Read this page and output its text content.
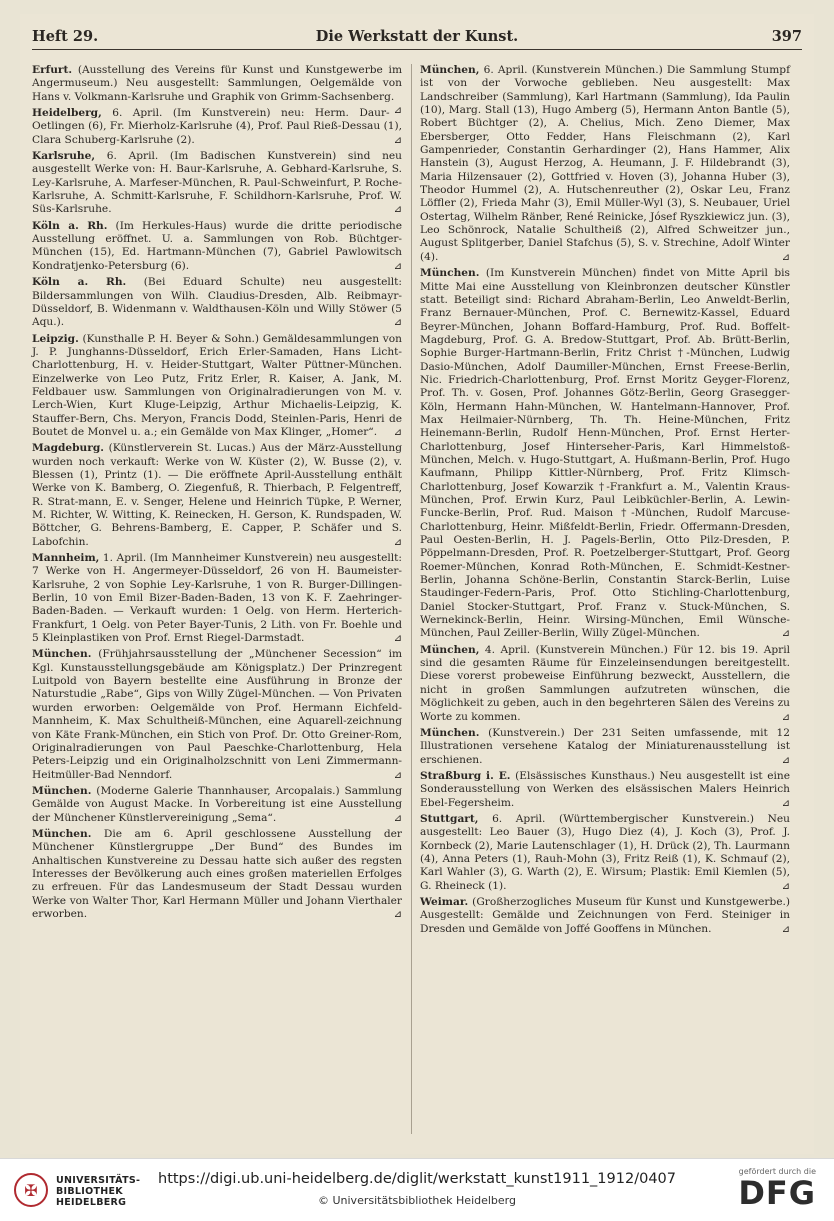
Heft 29.	Die Werkstatt der Kunst.	397

Erfurt. (Ausstellung des Vereins für Kunst und Kunstgewerbe im Angermuseum.) Neu ausgestellt: Sammlungen, Oelgemälde von Hans v. Volkmann-Karlsruhe und Graphik von Grimm-Sachsenberg.
⊿

Heidelberg, 6. April. (Im Kunstverein) neu: Herm. Daur-Oetlingen (6), Fr. Mierholz-Karlsruhe (4), Prof. Paul Rieß-Dessau (1), Clara Schuberg-Karlsruhe (2).	⊿

Karlsruhe, 6. April. (Im Badischen Kunstverein) sind neu ausgestellt Werke von: H. Baur-Karlsruhe, A. Gebhard-Karlsruhe, S. Ley-Karlsruhe, A. Marfeser-München, R. Paul-Schweinfurt, P. Roche-Karlsruhe, A. Schmitt-Karlsruhe, F. Schildhorn-Karlsruhe, Prof. W. Süs-Karlsruhe.	⊿

Köln a. Rh. (Im Herkules-Haus) wurde die dritte periodische Ausstellung eröffnet. U. a. Sammlungen von Rob. Büchtger-München (15), Ed. Hartmann-München (7), Gabriel Pawlowitsch Kondratjenko-Petersburg (6).	⊿

Köln a. Rh. (Bei Eduard Schulte) neu ausgestellt: Bildersammlungen von Wilh. Claudius-Dresden, Alb. Reibmayr-Düsseldorf, B. Widenmann v. Waldthausen-Köln und Willy Stöwer (5 Aqu.).	⊿

Leipzig. (Kunsthalle P. H. Beyer & Sohn.) Gemäldesammlungen von J. P. Junghanns-Düsseldorf, Erich Erler-Samaden, Hans Licht-Charlottenburg, H. v. Heider-Stuttgart, Walter Püttner-München. Einzelwerke von Leo Putz, Fritz Erler, R. Kaiser, A. Jank, M. Feldbauer usw. Sammlungen von Originalradierungen von M. v. Lerch-Wien, Kurt Kluge-Leipzig, Arthur Michaelis-Leipzig, K. Stauffer-Bern, Chs. Meryon, Francis Dodd, Steinlen-Paris, Henri de Boutet de Monvel u. a.; ein Gemälde von Max Klinger, „Homer“. ⊿

Magdeburg. (Künstlerverein St. Lucas.) Aus der März-Ausstellung wurden noch verkauft: Werke von W. Küster (2), W. Busse (2), v. Blessen (1), Printz (1). — Die eröffnete April-Ausstellung enthält Werke von K. Bamberg, O. Ziegenfuß, R. Thierbach, P. Felgentreff, R. Strat-mann, E. v. Senger, Helene und Heinrich Tüpke, P. Werner, M. Richter, W. Witting, K. Reinecken, H. Gerson, K. Rundspaden, W. Böttcher, G. Behrens-Bamberg, E. Capper, P. Schäfer und S. Labofchin.	⊿

Mannheim, 1. April. (Im Mannheimer Kunstverein) neu ausgestellt: 7 Werke von H. Angermeyer-Düsseldorf, 26 von H. Baumeister-Karlsruhe, 2 von Sophie Ley-Karlsruhe, 1 von R. Burger-Dillingen-Berlin, 10 von Emil Bizer-Baden-Baden, 13 von K. F. Zaehringer-Baden-Baden. — Verkauft wurden: 1 Oelg. von Herm. Herterich-Frankfurt, 1 Oelg. von Peter Bayer-Tunis, 2 Lith. von Fr. Boehle und 5 Kleinplastiken von Prof. Ernst Riegel-Darmstadt.	⊿

München. (Frühjahrsausstellung der „Münchener Secession“ im Kgl. Kunstausstellungsgebäude am Königsplatz.) Der Prinzregent Luitpold von Bayern bestellte eine Ausführung in Bronze der Naturstudie „Rabe“, Gips von Willy Zügel-München. — Von Privaten wurden erworben: Oelgemälde von Prof. Hermann Eichfeld-Mannheim, K. Max Schultheiß-München, eine Aquarell-zeichnung von Käte Frank-München, ein Stich von Prof. Dr. Otto Greiner-Rom, Originalradierungen von Paul Paeschke-Charlottenburg, Hela Peters-Leipzig und ein Originalholzschnitt von Leni Zimmermann-Heitmüller-Bad Nenndorf.	⊿

München. (Moderne Galerie Thannhauser, Arcopalais.) Sammlung Gemälde von August Macke. In Vorbereitung ist eine Ausstellung der Münchener Künstlervereinigung „Sema“.	⊿

München. Die am 6. April geschlossene Ausstellung der Münchener Künstlergruppe „Der Bund“ des Bundes im Anhaltischen Kunstvereine zu Dessau hatte sich außer des regsten Interesses der Bevölkerung auch eines großen materiellen Erfolges zu erfreuen. Für das Landesmuseum der Stadt Dessau wurden Werke von Walter Thor, Karl Hermann Müller und Johann Vierthaler erworben.	⊿

München, 6. April. (Kunstverein München.) Die Sammlung Stumpf ist von der Vorwoche geblieben. Neu ausgestellt: Max Landschreiber (Sammlung), Karl Hartmann (Sammlung), Ida Paulin (10), Marg. Stall (13), Hugo Amberg (5), Hermann Anton Bantle (5), Robert Büchtger (2), A. Chelius, Mich. Zeno Diemer, Max Ebersberger, Otto Fedder, Hans Fleischmann (2), Karl Gampenrieder, Constantin Gerhardinger (2), Hans Hammer, Alix Hanstein (3), August Herzog, A. Heumann, J. F. Hildebrandt (3), Maria Hilzensauer (2), Gottfried v. Hoven (3), Johanna Huber (3), Theodor Hummel (2), A. Hutschenreuther (2), Oskar Leu, Franz Löffler (2), Frieda Mahr (3), Emil Müller-Wyl (3), S. Neubauer, Uriel Ostertag, Wilhelm Ränber, René Reinicke, Jósef Ryszkiewicz jun. (3), Leo Schönrock, Natalie Schultheiß (2), Alfred Schweitzer jun., August Splitgerber, Daniel Stafchus (5), S. v. Strechine, Adolf Winter (4).	⊿

München. (Im Kunstverein München) findet von Mitte April bis Mitte Mai eine Ausstellung von Kleinbronzen deutscher Künstler statt. Beteiligt sind: Richard Abraham-Berlin, Leo Anweldt-Berlin, Franz Bernauer-München, Prof. C. Bernewitz-Kassel, Eduard Beyrer-München, Johann Boffard-Hamburg, Prof. Rud. Boffelt-Magdeburg, Prof. G. A. Bredow-Stuttgart, Prof. Ab. Brütt-Berlin, Sophie Burger-Hartmann-Berlin, Fritz Christ †-München, Ludwig Dasio-München, Adolf Daumiller-München, Ernst Freese-Berlin, Nic. Friedrich-Charlottenburg, Prof. Ernst Moritz Geyger-Florenz, Prof. Th. v. Gosen, Prof. Johannes Götz-Berlin, Georg Grasegger-Köln, Hermann Hahn-München, W. Hantelmann-Hannover, Prof. Max Heilmaier-Nürnberg, Th. Th. Heine-München, Fritz Heinemann-Berlin, Rudolf Henn-München, Prof. Ernst Herter-Charlottenburg, Josef Hinterseher-Paris, Karl Himmelstoß-München, Melch. v. Hugo-Stuttgart, A. Hußmann-Berlin, Prof. Hugo Kaufmann, Philipp Kittler-Nürnberg, Prof. Fritz Klimsch-Charlottenburg, Josef Kowarzik †-Frankfurt a. M., Valentin Kraus-München, Prof. Erwin Kurz, Paul Leibküchler-Berlin, A. Lewin-Funcke-Berlin, Prof. Rud. Maison †-München, Rudolf Marcuse-Charlottenburg, Heinr. Mißfeldt-Berlin, Friedr. Offermann-Dresden, Paul Oesten-Berlin, H. J. Pagels-Berlin, Otto Pilz-Dresden, P. Pöppelmann-Dresden, Prof. R. Poetzelberger-Stuttgart, Prof. Georg Roemer-München, Konrad Roth-München, E. Schmidt-Kestner-Berlin, Johanna Schöne-Berlin, Constantin Starck-Berlin, Luise Staudinger-Federn-Paris, Prof. Otto Stichling-Charlottenburg, Daniel Stocker-Stuttgart, Prof. Franz v. Stuck-München, S. Wernekinck-Berlin, Heinr. Wirsing-München, Emil Wünsche-München, Paul Zeiller-Berlin, Willy Zügel-München.	⊿

München, 4. April. (Kunstverein München.) Für 12. bis 19. April sind die gesamten Räume für Einzeleinsendungen bereitgestellt. Diese vorerst probeweise Einführung bezweckt, Ausstellern, die nicht in großen Sammlungen aufzutreten wünschen, die Möglichkeit zu geben, auch in den begehrteren Sälen des Vereins zu Worte zu kommen.	⊿

München. (Kunstverein.) Der 231 Seiten umfassende, mit 12 Illustrationen versehene Katalog der Miniaturenausstellung ist erschienen.	⊿

Straßburg i. E. (Elsässisches Kunsthaus.) Neu ausgestellt ist eine Sonderausstellung von Werken des elsässischen Malers Heinrich Ebel-Fegersheim.	⊿

Stuttgart, 6. April. (Württembergischer Kunstverein.) Neu ausgestellt: Leo Bauer (3), Hugo Diez (4), J. Koch (3), Prof. J. Kornbeck (2), Marie Lautenschlager (1), H. Drück (2), Th. Laurmann (4), Anna Peters (1), Rauh-Mohn (3), Fritz Reiß (1), K. Schmauf (2), Karl Wahler (3), G. Warth (2), E. Wirsum; Plastik: Emil Kiemlen (5), G. Rheineck (1).	⊿

Weimar. (Großherzogliches Museum für Kunst und Kunstgewerbe.) Ausgestellt: Gemälde und Zeichnungen von Ferd. Steiniger in Dresden und Gemälde von Joffé Gooffens in München.	⊿

✠	UNIVERSITÄTS-
BIBLIOTHEK
HEIDELBERG
https://digi.ub.uni-heidelberg.de/diglit/werkstatt_kunst1911_1912/0407
© Universitätsbibliothek Heidelberg
gefördert durch die
DFG
